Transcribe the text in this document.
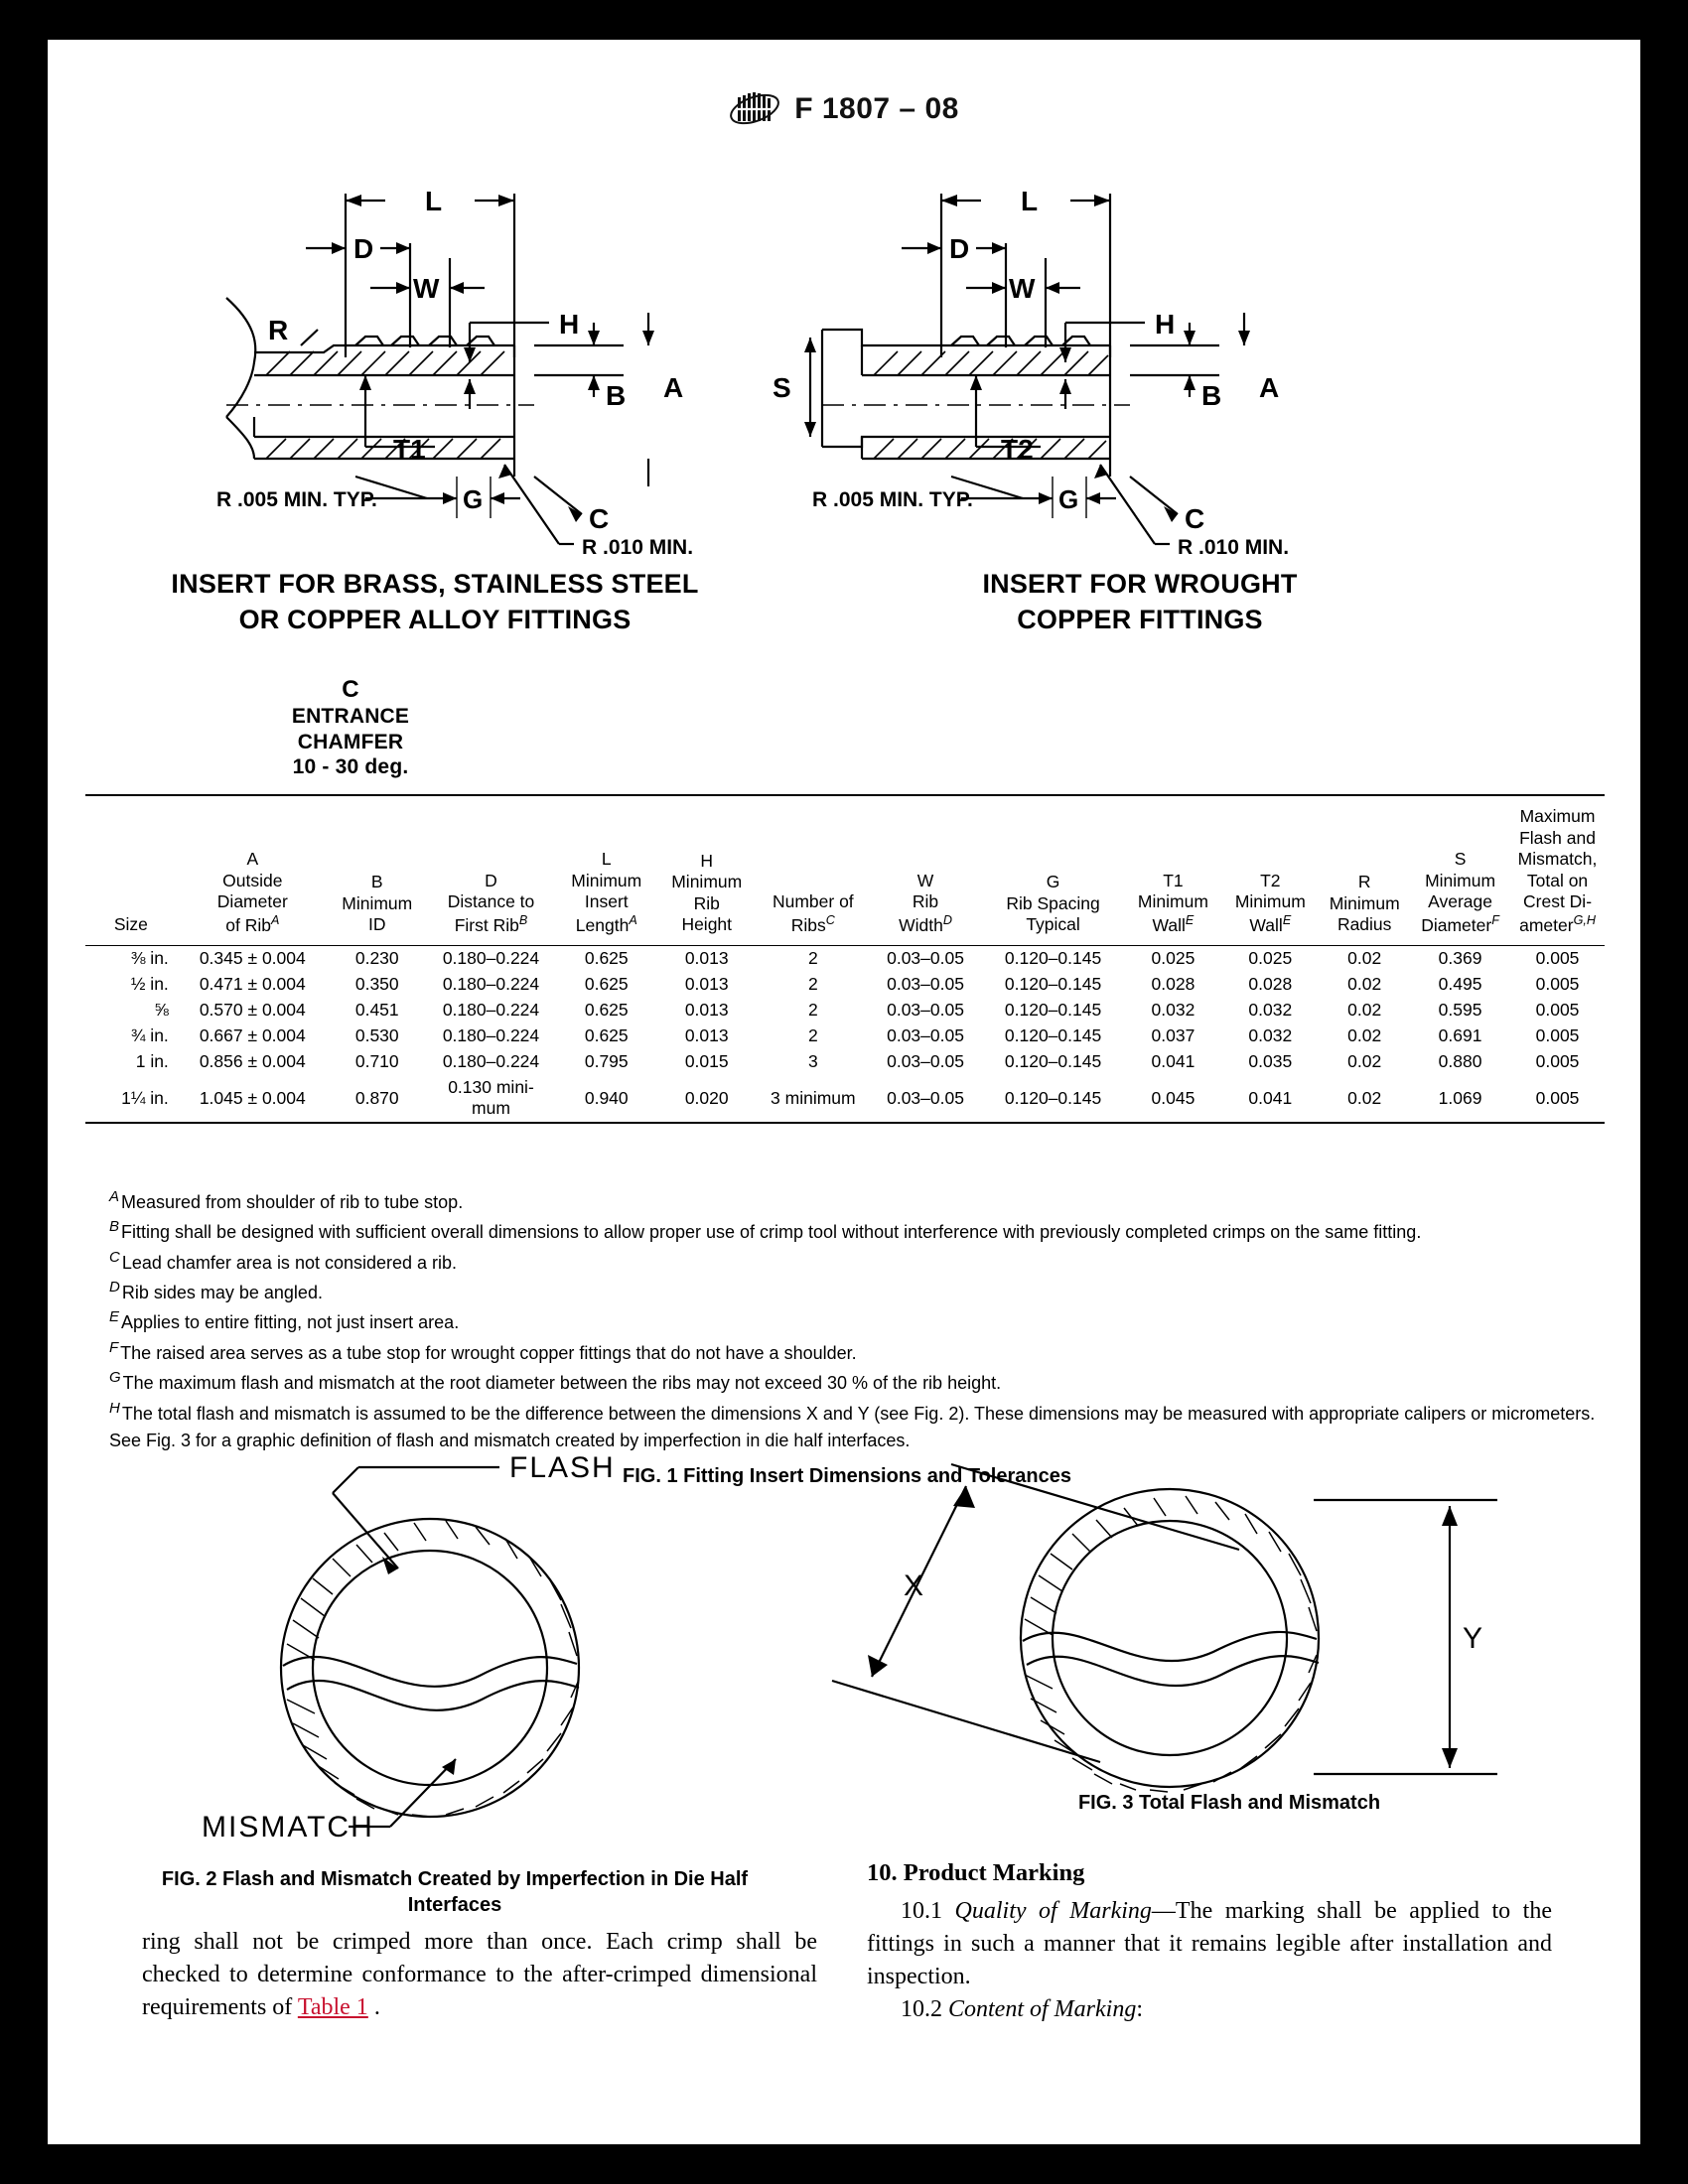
F 1807 – 08
L
D
W
H
R
T1
B A
G
C
R .005 MIN. TYP.
R .010 MIN.
L
D
W
H
S
T2
B A
G
C
R .005 MIN. TYP.
R .010 MIN.
INSERT FOR BRASS, STAINLESS STEEL
OR COPPER ALLOY FITTINGS
INSERT FOR WROUGHT
COPPER FITTINGS
C
ENTRANCE
CHAMFER
10 - 30 deg.
Size

A
Outside
Diameter
of Rib$^A$

B
Minimum
ID

D
Distance to
First Rib$^B$

L
Minimum
Insert
Length$^A$

H
Minimum
Rib
Height

Number of
Ribs$^C$

W
Rib
Width$^D$

G
Rib Spacing
Typical

T1
Minimum
Wall$^E$

T2
Minimum
Wall$^E$

R
Minimum
Radius

S
Minimum
Average
Diameter$^F$

Maximum
Flash and
Mismatch,
Total on
Crest Di-
ameter$^{G,H}$
⅜ in.	0.345 ± 0.004	0.230	0.180–0.224	0.625	0.013	2	0.03–0.05	0.120–0.145	0.025	0.025	0.02	0.369	0.005
½ in.	0.471 ± 0.004	0.350	0.180–0.224	0.625	0.013	2	0.03–0.05	0.120–0.145	0.028	0.028	0.02	0.495	0.005
⅝	0.570 ± 0.004	0.451	0.180–0.224	0.625	0.013	2	0.03–0.05	0.120–0.145	0.032	0.032	0.02	0.595	0.005
¾ in.	0.667 ± 0.004	0.530	0.180–0.224	0.625	0.013	2	0.03–0.05	0.120–0.145	0.037	0.032	0.02	0.691	0.005
1 in.	0.856 ± 0.004	0.710	0.180–0.224	0.795	0.015	3	0.03–0.05	0.120–0.145	0.041	0.035	0.02	0.880	0.005
1¼ in.	1.045 ± 0.004	0.870	0.130 mini-
mum	0.940	0.020	3 minimum	0.03–0.05	0.120–0.145	0.045	0.041	0.02	1.069	0.005
$^A$ Measured from shoulder of rib to tube stop.
$^B$ Fitting shall be designed with sufficient overall dimensions to allow proper use of crimp tool without interference with previously completed crimps on the same fitting.
$^C$ Lead chamfer area is not considered a rib.
$^D$ Rib sides may be angled.
$^E$ Applies to entire fitting, not just insert area.
$^F$ The raised area serves as a tube stop for wrought copper fittings that do not have a shoulder.
$^G$ The maximum flash and mismatch at the root diameter between the ribs may not exceed 30 % of the rib height.
$^H$ The total flash and mismatch is assumed to be the difference between the dimensions X and Y (see Fig. 2). These dimensions may be measured with appropriate calipers or micrometers. See Fig. 3 for a graphic definition of flash and mismatch created by imperfection in die half interfaces.
FIG. 1 Fitting Insert Dimensions and Tolerances
FLASH
MISMATCH
X
Y
FIG. 3 Total Flash and Mismatch
FIG. 2 Flash and Mismatch Created by Imperfection in Die Half
Interfaces

ring shall not be crimped more than once. Each crimp shall be checked to determine conformance to the after-crimped dimensional requirements of Table 1 .

10. Product Marking

10.1 Quality of Marking—The marking shall be applied to the fittings in such a manner that it remains legible after installation and inspection.

10.2 Content of Marking:
